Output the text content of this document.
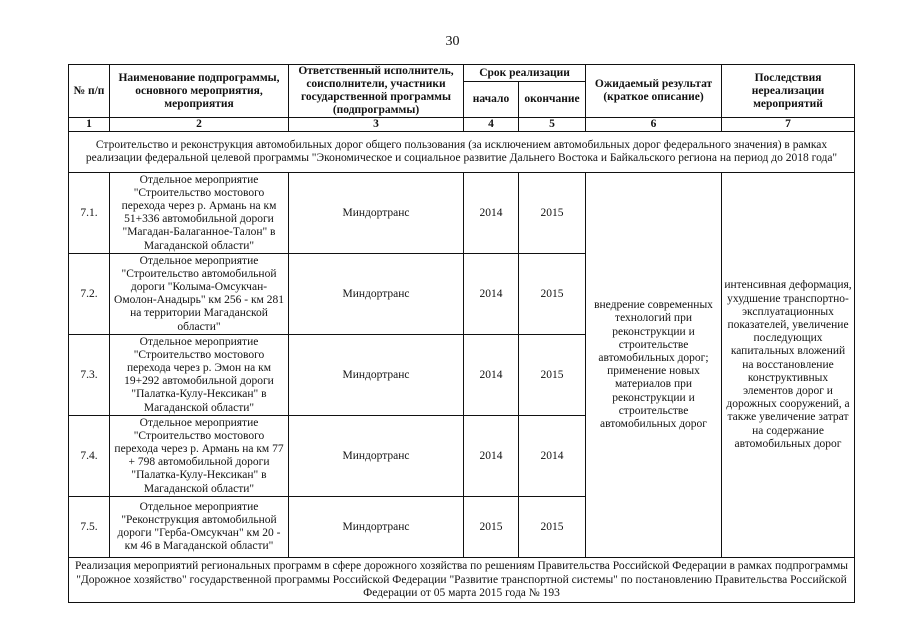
30
№ п/п	Наименование подпрограммы, основного мероприятия, мероприятия	Ответственный исполнитель, соисполнители, участники государственной программы (подпрограммы)	Срок реализации		Ожидаемый результат (краткое описание)	Последствия нереализации мероприятий
			начало	окончание		
1	2	3	4	5	6	7
Строительство и реконструкция автомобильных дорог общего пользования (за исключением автомобильных дорог федерального значения) в рамках реализации федеральной целевой программы "Экономическое и социальное развитие Дальнего Востока и Байкальского региона на период до 2018 года"						
7.1.	Отдельное мероприятие "Строительство мостового перехода через р. Армань на км 51+336 автомобильной дороги "Магадан-Балаганное-Талон" в Магаданской области"	Миндортранс	2014	2015	внедрение современных технологий при реконструкции и строительстве автомобильных дорог; применение новых материалов при реконструкции и строительстве автомобильных дорог	интенсивная деформация, ухудшение транспортно-эксплуатационных показателей, увеличение последующих капитальных вложений на восстановление конструктивных элементов дорог и дорожных сооружений, а также увеличение затрат на содержание автомобильных дорог
7.2.	Отдельное мероприятие "Строительство автомобильной дороги "Колыма-Омсукчан-Омолон-Анадырь" км 256 - км 281 на территории Магаданской области"	Миндортранс	2014	2015		
7.3.	Отдельное мероприятие "Строительство мостового перехода через р. Эмон на км 19+292 автомобильной дороги "Палатка-Кулу-Нексикан" в Магаданской области"	Миндортранс	2014	2015		
7.4.	Отдельное мероприятие "Строительство мостового перехода через р. Армань на км 77 + 798 автомобильной дороги "Палатка-Кулу-Нексикан" в Магаданской области"	Миндортранс	2014	2014		
7.5.	Отдельное мероприятие "Реконструкция автомобильной дороги "Герба-Омсукчан" км 20 - км 46 в Магаданской области"	Миндортранс	2015	2015		
Реализация мероприятий региональных программ в сфере дорожного хозяйства по решениям Правительства Российской Федерации в рамках подпрограммы "Дорожное хозяйство" государственной программы Российской Федерации "Развитие транспортной системы" по постановлению Правительства Российской Федерации от 05 марта 2015 года № 193						
